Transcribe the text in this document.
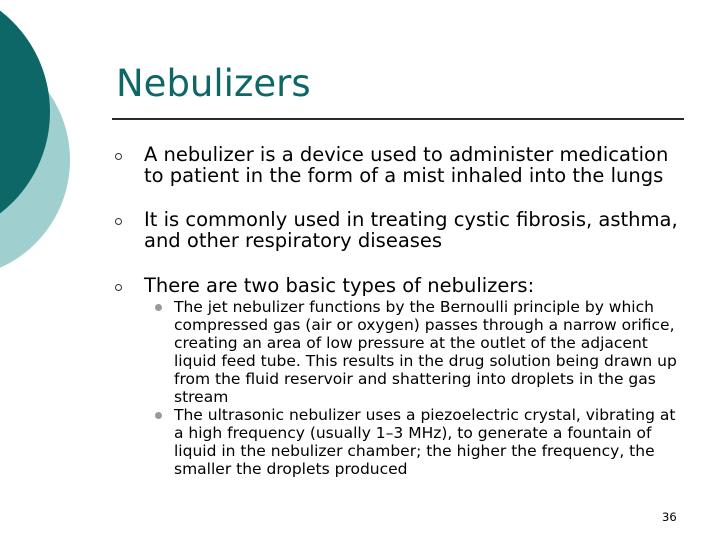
Nebulizers
A nebulizer is a device used to administer medication to patient in the form of a mist inhaled into the lungs
It is commonly used in treating cystic fibrosis, asthma, and other respiratory diseases
There are two basic types of nebulizers:
The jet nebulizer functions by the Bernoulli principle by which compressed gas (air or oxygen) passes through a narrow orifice, creating an area of low pressure at the outlet of the adjacent liquid feed tube. This results in the drug solution being drawn up from the fluid reservoir and shattering into droplets in the gas stream
The ultrasonic nebulizer uses a piezoelectric crystal, vibrating at a high frequency (usually 1–3 MHz), to generate a fountain of liquid in the nebulizer chamber; the higher the frequency, the smaller the droplets produced
36
